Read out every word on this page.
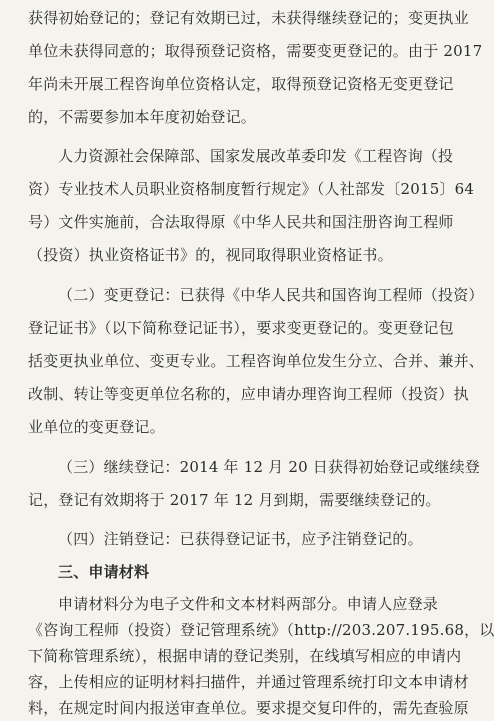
获得初始登记的；登记有效期已过，未获得继续登记的；变更执业
单位未获得同意的；取得预登记资格，需要变更登记的。由于 2017
年尚未开展工程咨询单位资格认定，取得预登记资格无变更登记
的，不需要参加本年度初始登记。
人力资源社会保障部、国家发展改革委印发《工程咨询（投
资）专业技术人员职业资格制度暂行规定》（人社部发〔2015〕64
号）文件实施前，合法取得原《中华人民共和国注册咨询工程师
（投资）执业资格证书》的，视同取得职业资格证书。
（二）变更登记：已获得《中华人民共和国咨询工程师（投资）
登记证书》（以下简称登记证书），要求变更登记的。变更登记包
括变更执业单位、变更专业。工程咨询单位发生分立、合并、兼并、
改制、转让等变更单位名称的，应申请办理咨询工程师（投资）执
业单位的变更登记。
（三）继续登记：2014 年 12 月 20 日获得初始登记或继续登
记，登记有效期将于 2017 年 12 月到期，需要继续登记的。
（四）注销登记：已获得登记证书，应予注销登记的。
三、申请材料
申请材料分为电子文件和文本材料两部分。申请人应登录
《咨询工程师（投资）登记管理系统》（http://203.207.195.68，以
下简称管理系统），根据申请的登记类别，在线填写相应的申请内
容，上传相应的证明材料扫描件，并通过管理系统打印文本申请材
料，在规定时间内报送审查单位。要求提交复印件的，需先查验原
